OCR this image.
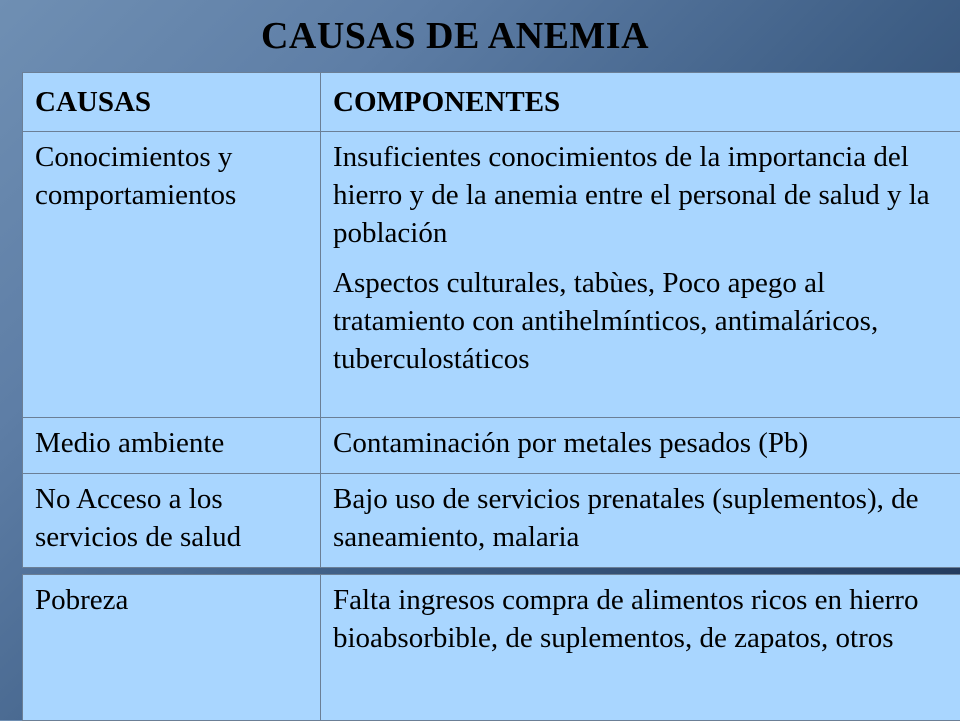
CAUSAS DE ANEMIA
CAUSAS	COMPONENTES
Conocimientos y comportamientos	Insuficientes conocimientos de la importancia del hierro y de la anemia entre el personal de salud y la población
Aspectos culturales, tabùes, Poco apego al tratamiento con antihelmínticos, antimaláricos, tuberculostáticos

Medio ambiente	Contaminación por metales pesados (Pb)

No Acceso a los servicios de salud	Bajo uso de servicios prenatales (suplementos), de saneamiento, malaria
Pobreza	Falta ingresos compra de alimentos ricos en hierro bioabsorbible, de suplementos, de zapatos, otros
